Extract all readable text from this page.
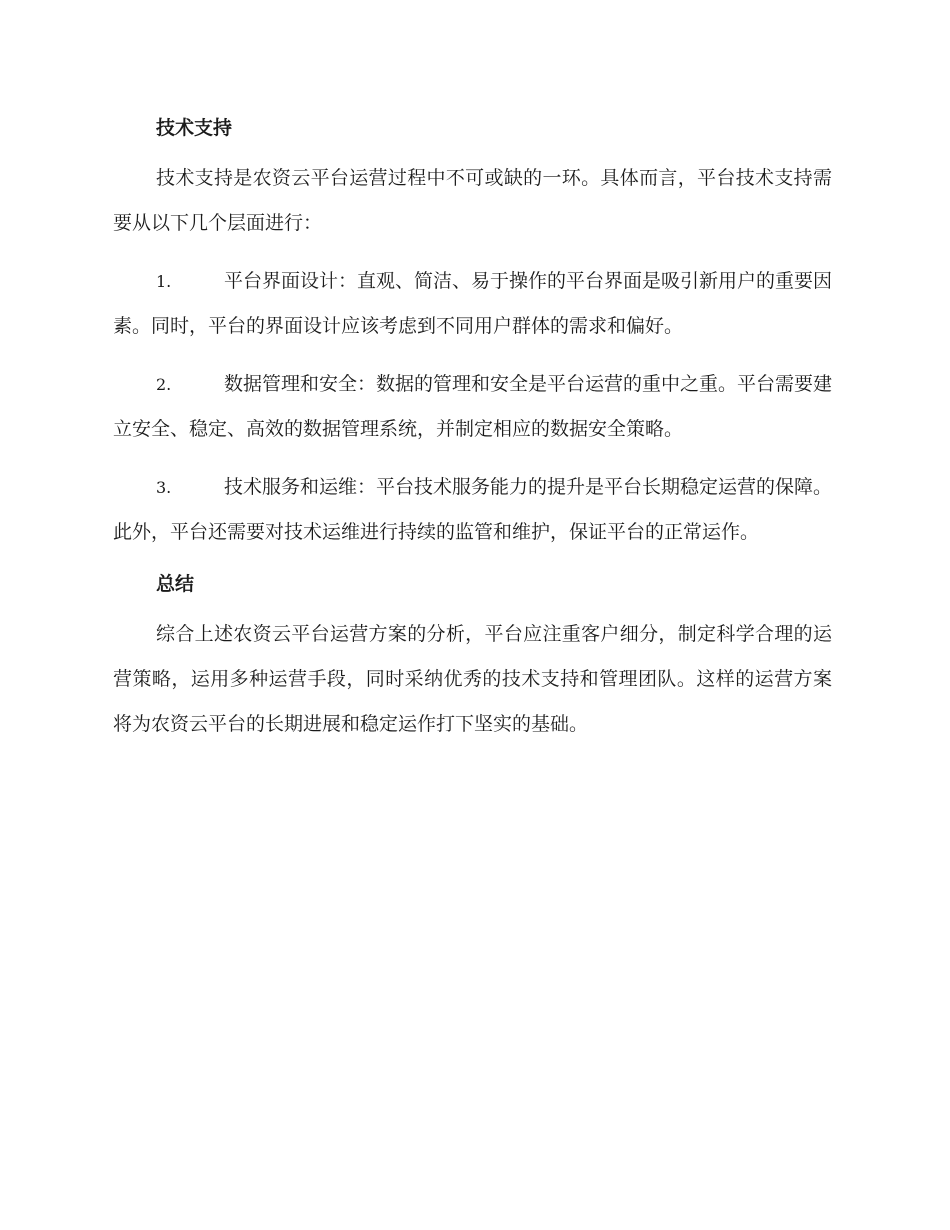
技术支持

技术支持是农资云平台运营过程中不可或缺的一环。具体而言，平台技术支持需要从以下几个层面进行：

1.	平台界面设计：直观、简洁、易于操作的平台界面是吸引新用户的重要因素。同时，平台的界面设计应该考虑到不同用户群体的需求和偏好。

2.	数据管理和安全：数据的管理和安全是平台运营的重中之重。平台需要建立安全、稳定、高效的数据管理系统，并制定相应的数据安全策略。

3.	技术服务和运维：平台技术服务能力的提升是平台长期稳定运营的保障。此外，平台还需要对技术运维进行持续的监管和维护，保证平台的正常运作。

总结

综合上述农资云平台运营方案的分析，平台应注重客户细分，制定科学合理的运营策略，运用多种运营手段，同时采纳优秀的技术支持和管理团队。这样的运营方案将为农资云平台的长期进展和稳定运作打下坚实的基础。
